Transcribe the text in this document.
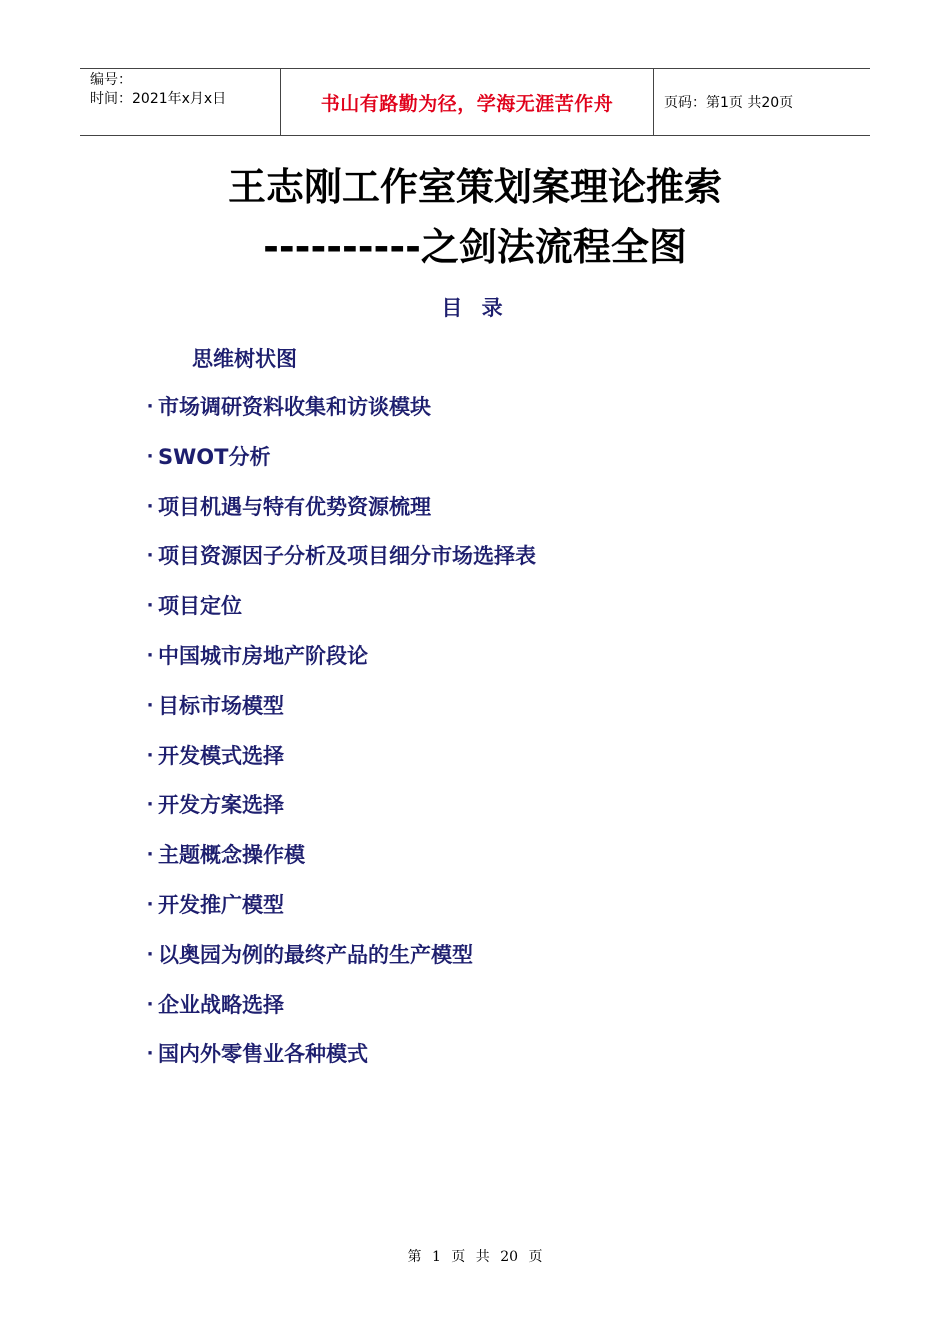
编号：
时间：2021年x月x日	书山有路勤为径，学海无涯苦作舟	页码：第1页 共20页
王志刚工作室策划案理论推索
----------之剑法流程全图
目 录
思维树状图
· 市场调研资料收集和访谈模块
· SWOT分析
· 项目机遇与特有优势资源梳理
· 项目资源因子分析及项目细分市场选择表
· 项目定位
· 中国城市房地产阶段论
· 目标市场模型
· 开发模式选择
· 开发方案选择
· 主题概念操作模
· 开发推广模型
· 以奥园为例的最终产品的生产模型
· 企业战略选择
· 国内外零售业各种模式
第 1 页 共 20 页
